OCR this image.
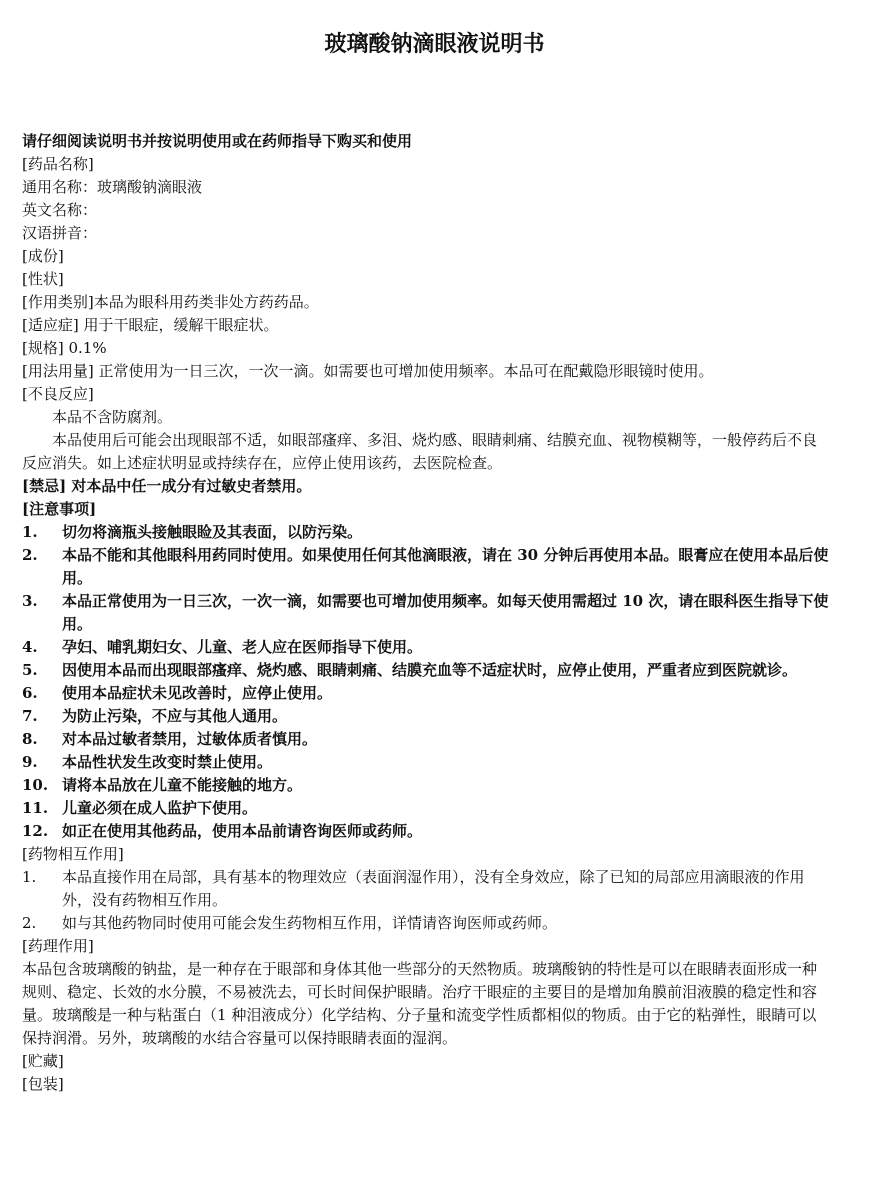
玻璃酸钠滴眼液说明书

请仔细阅读说明书并按说明使用或在药师指导下购买和使用

[药品名称]

通用名称：玻璃酸钠滴眼液

英文名称：

汉语拼音：

[成份]

[性状]

[作用类别]本品为眼科用药类非处方药药品。

[适应症] 用于干眼症，缓解干眼症状。

[规格] 0.1%

[用法用量] 正常使用为一日三次，一次一滴。如需要也可增加使用频率。本品可在配戴隐形眼镜时使用。

[不良反应]

本品不含防腐剂。

本品使用后可能会出现眼部不适，如眼部瘙痒、多泪、烧灼感、眼睛刺痛、结膜充血、视物模糊等，一般停药后不良反应消失。如上述症状明显或持续存在，应停止使用该药，去医院检查。

[禁忌] 对本品中任一成分有过敏史者禁用。

[注意事项]

1. 切勿将滴瓶头接触眼睑及其表面，以防污染。
2. 本品不能和其他眼科用药同时使用。如果使用任何其他滴眼液，请在 30 分钟后再使用本品。眼膏应在使用本品后使用。
3. 本品正常使用为一日三次，一次一滴，如需要也可增加使用频率。如每天使用需超过 10 次，请在眼科医生指导下使用。
4. 孕妇、哺乳期妇女、儿童、老人应在医师指导下使用。
5. 因使用本品而出现眼部瘙痒、烧灼感、眼睛刺痛、结膜充血等不适症状时，应停止使用，严重者应到医院就诊。
6. 使用本品症状未见改善时，应停止使用。
7. 为防止污染，不应与其他人通用。
8. 对本品过敏者禁用，过敏体质者慎用。
9. 本品性状发生改变时禁止使用。
10. 请将本品放在儿童不能接触的地方。
11. 儿童必须在成人监护下使用。
12. 如正在使用其他药品，使用本品前请咨询医师或药师。

[药物相互作用]

1. 本品直接作用在局部，具有基本的物理效应（表面润湿作用），没有全身效应，除了已知的局部应用滴眼液的作用外，没有药物相互作用。
2. 如与其他药物同时使用可能会发生药物相互作用，详情请咨询医师或药师。

[药理作用]

本品包含玻璃酸的钠盐，是一种存在于眼部和身体其他一些部分的天然物质。玻璃酸钠的特性是可以在眼睛表面形成一种规则、稳定、长效的水分膜，不易被洗去，可长时间保护眼睛。治疗干眼症的主要目的是增加角膜前泪液膜的稳定性和容量。玻璃酸是一种与粘蛋白（1 种泪液成分）化学结构、分子量和流变学性质都相似的物质。由于它的粘弹性，眼睛可以保持润滑。另外，玻璃酸的水结合容量可以保持眼睛表面的湿润。

[贮藏]

[包装]
